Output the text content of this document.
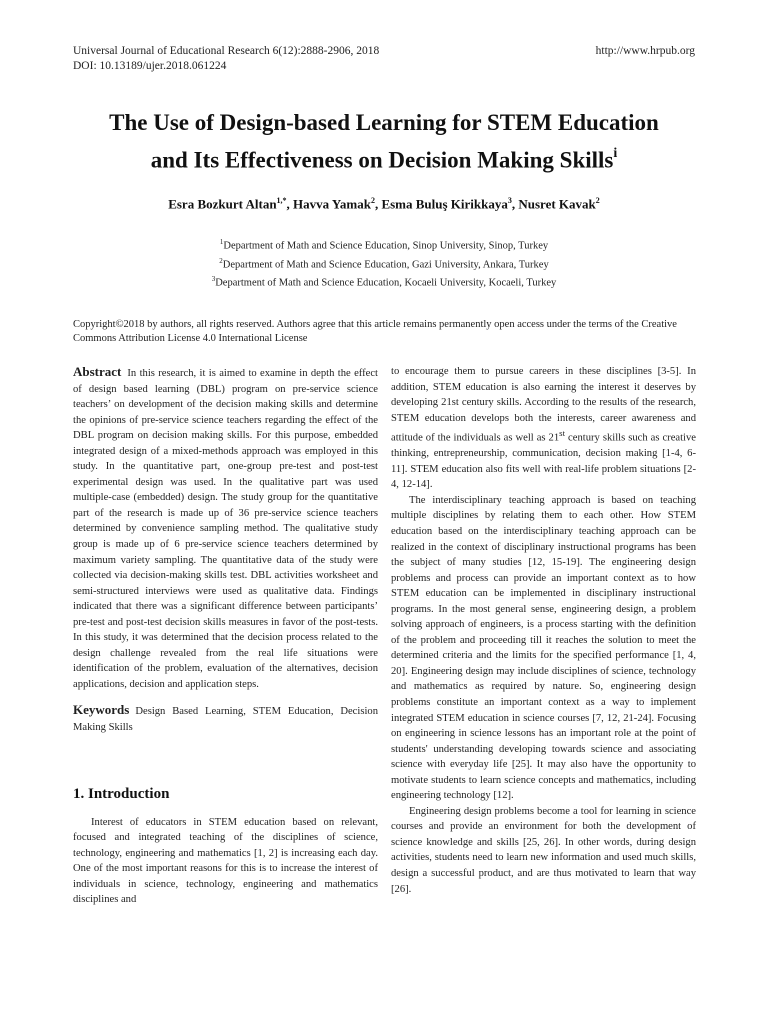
Universal Journal of Educational Research 6(12):2888-2906, 2018	http://www.hrpub.org
DOI: 10.13189/ujer.2018.061224
The Use of Design-based Learning for STEM Education
and Its Effectiveness on Decision Making Skills$^i$
Esra Bozkurt Altan$^{1,*}$, Havva Yamak$^2$, Esma Buluş Kirikkaya$^3$, Nusret Kavak$^2$
$^1$Department of Math and Science Education, Sinop University, Sinop, Turkey
$^2$Department of Math and Science Education, Gazi University, Ankara, Turkey
$^3$Department of Math and Science Education, Kocaeli University, Kocaeli, Turkey
Copyright©2018 by authors, all rights reserved. Authors agree that this article remains permanently open access under the terms of the Creative Commons Attribution License 4.0 International License

Abstract In this research, it is aimed to examine in depth the effect of design based learning (DBL) program on pre-service science teachers’ on development of the decision making skills and determine the opinions of pre-service science teachers regarding the effect of the DBL program on decision making skills. For this purpose, embedded integrated design of a mixed-methods approach was employed in this study. In the quantitative part, one-group pre-test and post-test experimental design was used. In the qualitative part was used multiple-case (embedded) design. The study group for the quantitative part of the research is made up of 36 pre-service science teachers determined by convenience sampling method. The qualitative study group is made up of 6 pre-service science teachers determined by maximum variety sampling. The quantitative data of the study were collected via decision-making skills test. DBL activities worksheet and semi-structured interviews were used as qualitative data. Findings indicated that there was a significant difference between participants’ pre-test and post-test decision skills measures in favor of the post-tests. In this study, it was determined that the decision process related to the design challenge revealed from the real life situations were identification of the problem, evaluation of the alternatives, decision applications, decision and application steps.

Keywords Design Based Learning, STEM Education, Decision Making Skills

1. Introduction

Interest of educators in STEM education based on relevant, focused and integrated teaching of the disciplines of science, technology, engineering and mathematics [1, 2] is increasing each day. One of the most important reasons for this is to increase the interest of individuals in science, technology, engineering and mathematics disciplines and

to encourage them to pursue careers in these disciplines [3-5]. In addition, STEM education is also earning the interest it deserves by developing 21st century skills. According to the results of the research, STEM education develops both the interests, career awareness and attitude of the individuals as well as 21st century skills such as creative thinking, entrepreneurship, communication, decision making [1-4, 6-11]. STEM education also fits well with real-life problem situations [2-4, 12-14].

The interdisciplinary teaching approach is based on teaching multiple disciplines by relating them to each other. How STEM education based on the interdisciplinary teaching approach can be realized in the context of disciplinary instructional programs has been the subject of many studies [12, 15-19]. The engineering design problems and process can provide an important context as to how STEM education can be implemented in disciplinary instructional programs. In the most general sense, engineering design, a problem solving approach of engineers, is a process starting with the definition of the problem and proceeding till it reaches the solution to meet the determined criteria and the limits for the specified performance [1, 4, 20]. Engineering design may include disciplines of science, technology and mathematics as required by nature. So, engineering design problems constitute an important context as a way to implement integrated STEM education in science courses [7, 12, 21-24]. Focusing on engineering in science lessons has an important role at the point of students' understanding developing towards science and associating science with everyday life [25]. It may also have the opportunity to motivate students to learn science concepts and mathematics, including engineering technology [12].

Engineering design problems become a tool for learning in science courses and provide an environment for both the development of science knowledge and skills [25, 26]. In other words, during design activities, students need to learn new information and used much skills, design a successful product, and are thus motivated to learn that way [26].
